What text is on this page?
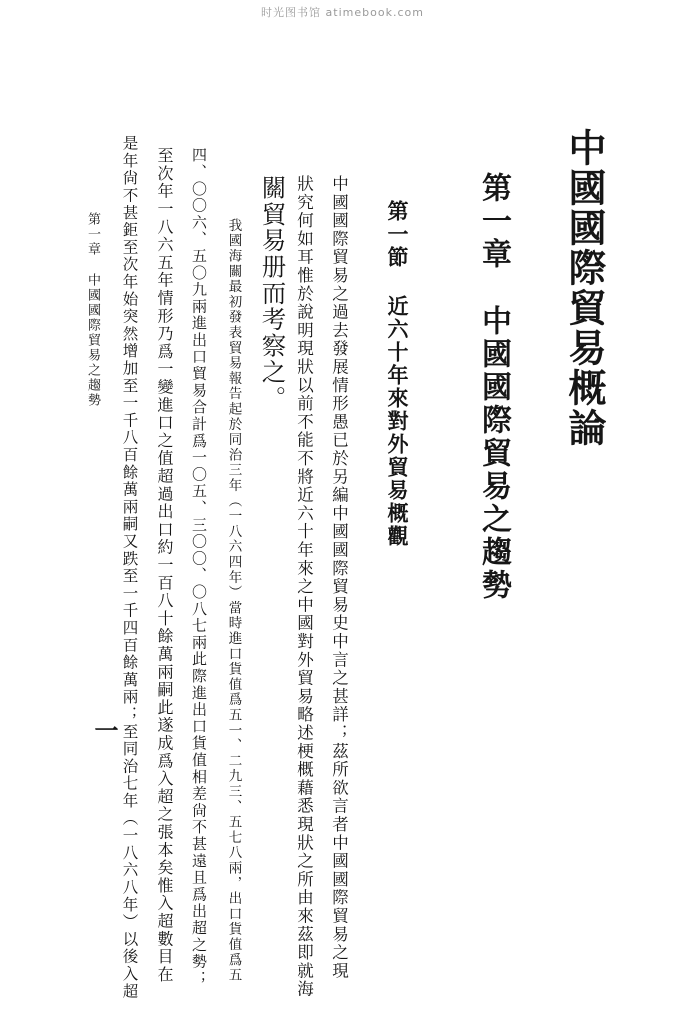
时光图书馆 atimebook.com
中國國際貿易概論
第一章中國國際貿易之趨勢
第一節近六十年來對外貿易概觀
中國國際貿易之過去發展情形愚已於另編中國國際貿易史中言之甚詳；茲所欲言者中國國際貿易之現
狀究何如耳惟於說明現狀以前不能不將近六十年來之中國對外貿易略述梗概藉悉現狀之所由來茲即就海
關貿易册而考察之。
我國海關最初發表貿易報告起於同治三年（一八六四年）當時進口貨值爲五一、二九三、五七八兩，出口貨值爲五
四、〇〇六、五〇九兩進出口貿易合計爲一〇五、三〇〇、〇八七兩此際進出口貨值相差尙不甚遠且爲出超之勢；
至次年一八六五年情形乃爲一變進口之值超過出口約一百八十餘萬兩嗣此遂成爲入超之張本矣惟入超數目在
是年尙不甚鉅至次年始突然增加至一千八百餘萬兩嗣又跌至一千四百餘萬兩；至同治七年（一八六八年）以後入超
第一章中國國際貿易之趨勢
一
